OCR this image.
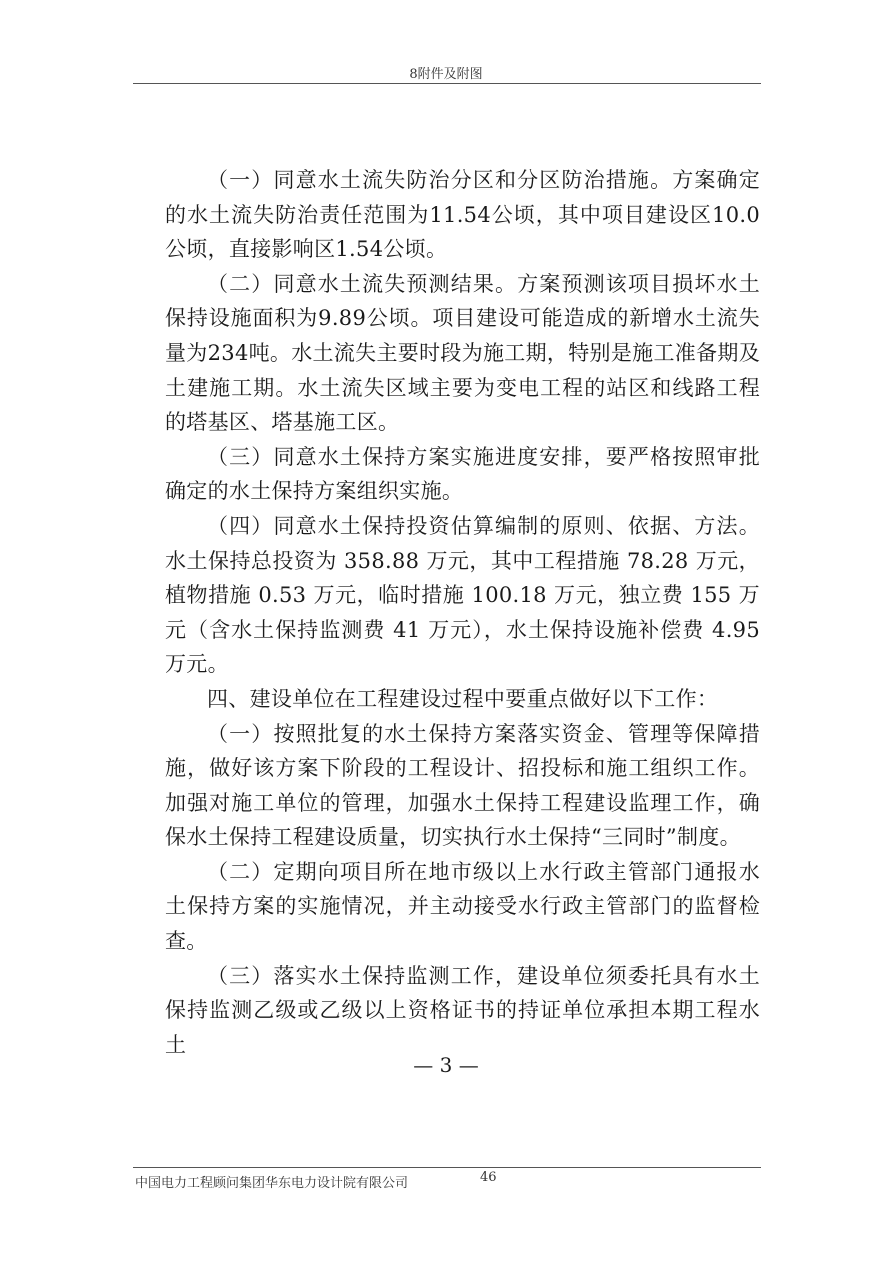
8附件及附图

（一）同意水土流失防治分区和分区防治措施。方案确定的水土流失防治责任范围为11.54公顷，其中项目建设区10.0公顷，直接影响区1.54公顷。

（二）同意水土流失预测结果。方案预测该项目损坏水土保持设施面积为9.89公顷。项目建设可能造成的新增水土流失量为234吨。水土流失主要时段为施工期，特别是施工准备期及土建施工期。水土流失区域主要为变电工程的站区和线路工程的塔基区、塔基施工区。

（三）同意水土保持方案实施进度安排，要严格按照审批确定的水土保持方案组织实施。

（四）同意水土保持投资估算编制的原则、依据、方法。水土保持总投资为 358.88 万元，其中工程措施 78.28 万元，植物措施 0.53 万元，临时措施 100.18 万元，独立费 155 万元（含水土保持监测费 41 万元），水土保持设施补偿费 4.95 万元。

四、建设单位在工程建设过程中要重点做好以下工作：

（一）按照批复的水土保持方案落实资金、管理等保障措施，做好该方案下阶段的工程设计、招投标和施工组织工作。加强对施工单位的管理，加强水土保持工程建设监理工作，确保水土保持工程建设质量，切实执行水土保持“三同时”制度。

（二）定期向项目所在地市级以上水行政主管部门通报水土保持方案的实施情况，并主动接受水行政主管部门的监督检查。

（三）落实水土保持监测工作，建设单位须委托具有水土保持监测乙级或乙级以上资格证书的持证单位承担本期工程水土

— 3 —
中国电力工程顾问集团华东电力设计院有限公司	46
